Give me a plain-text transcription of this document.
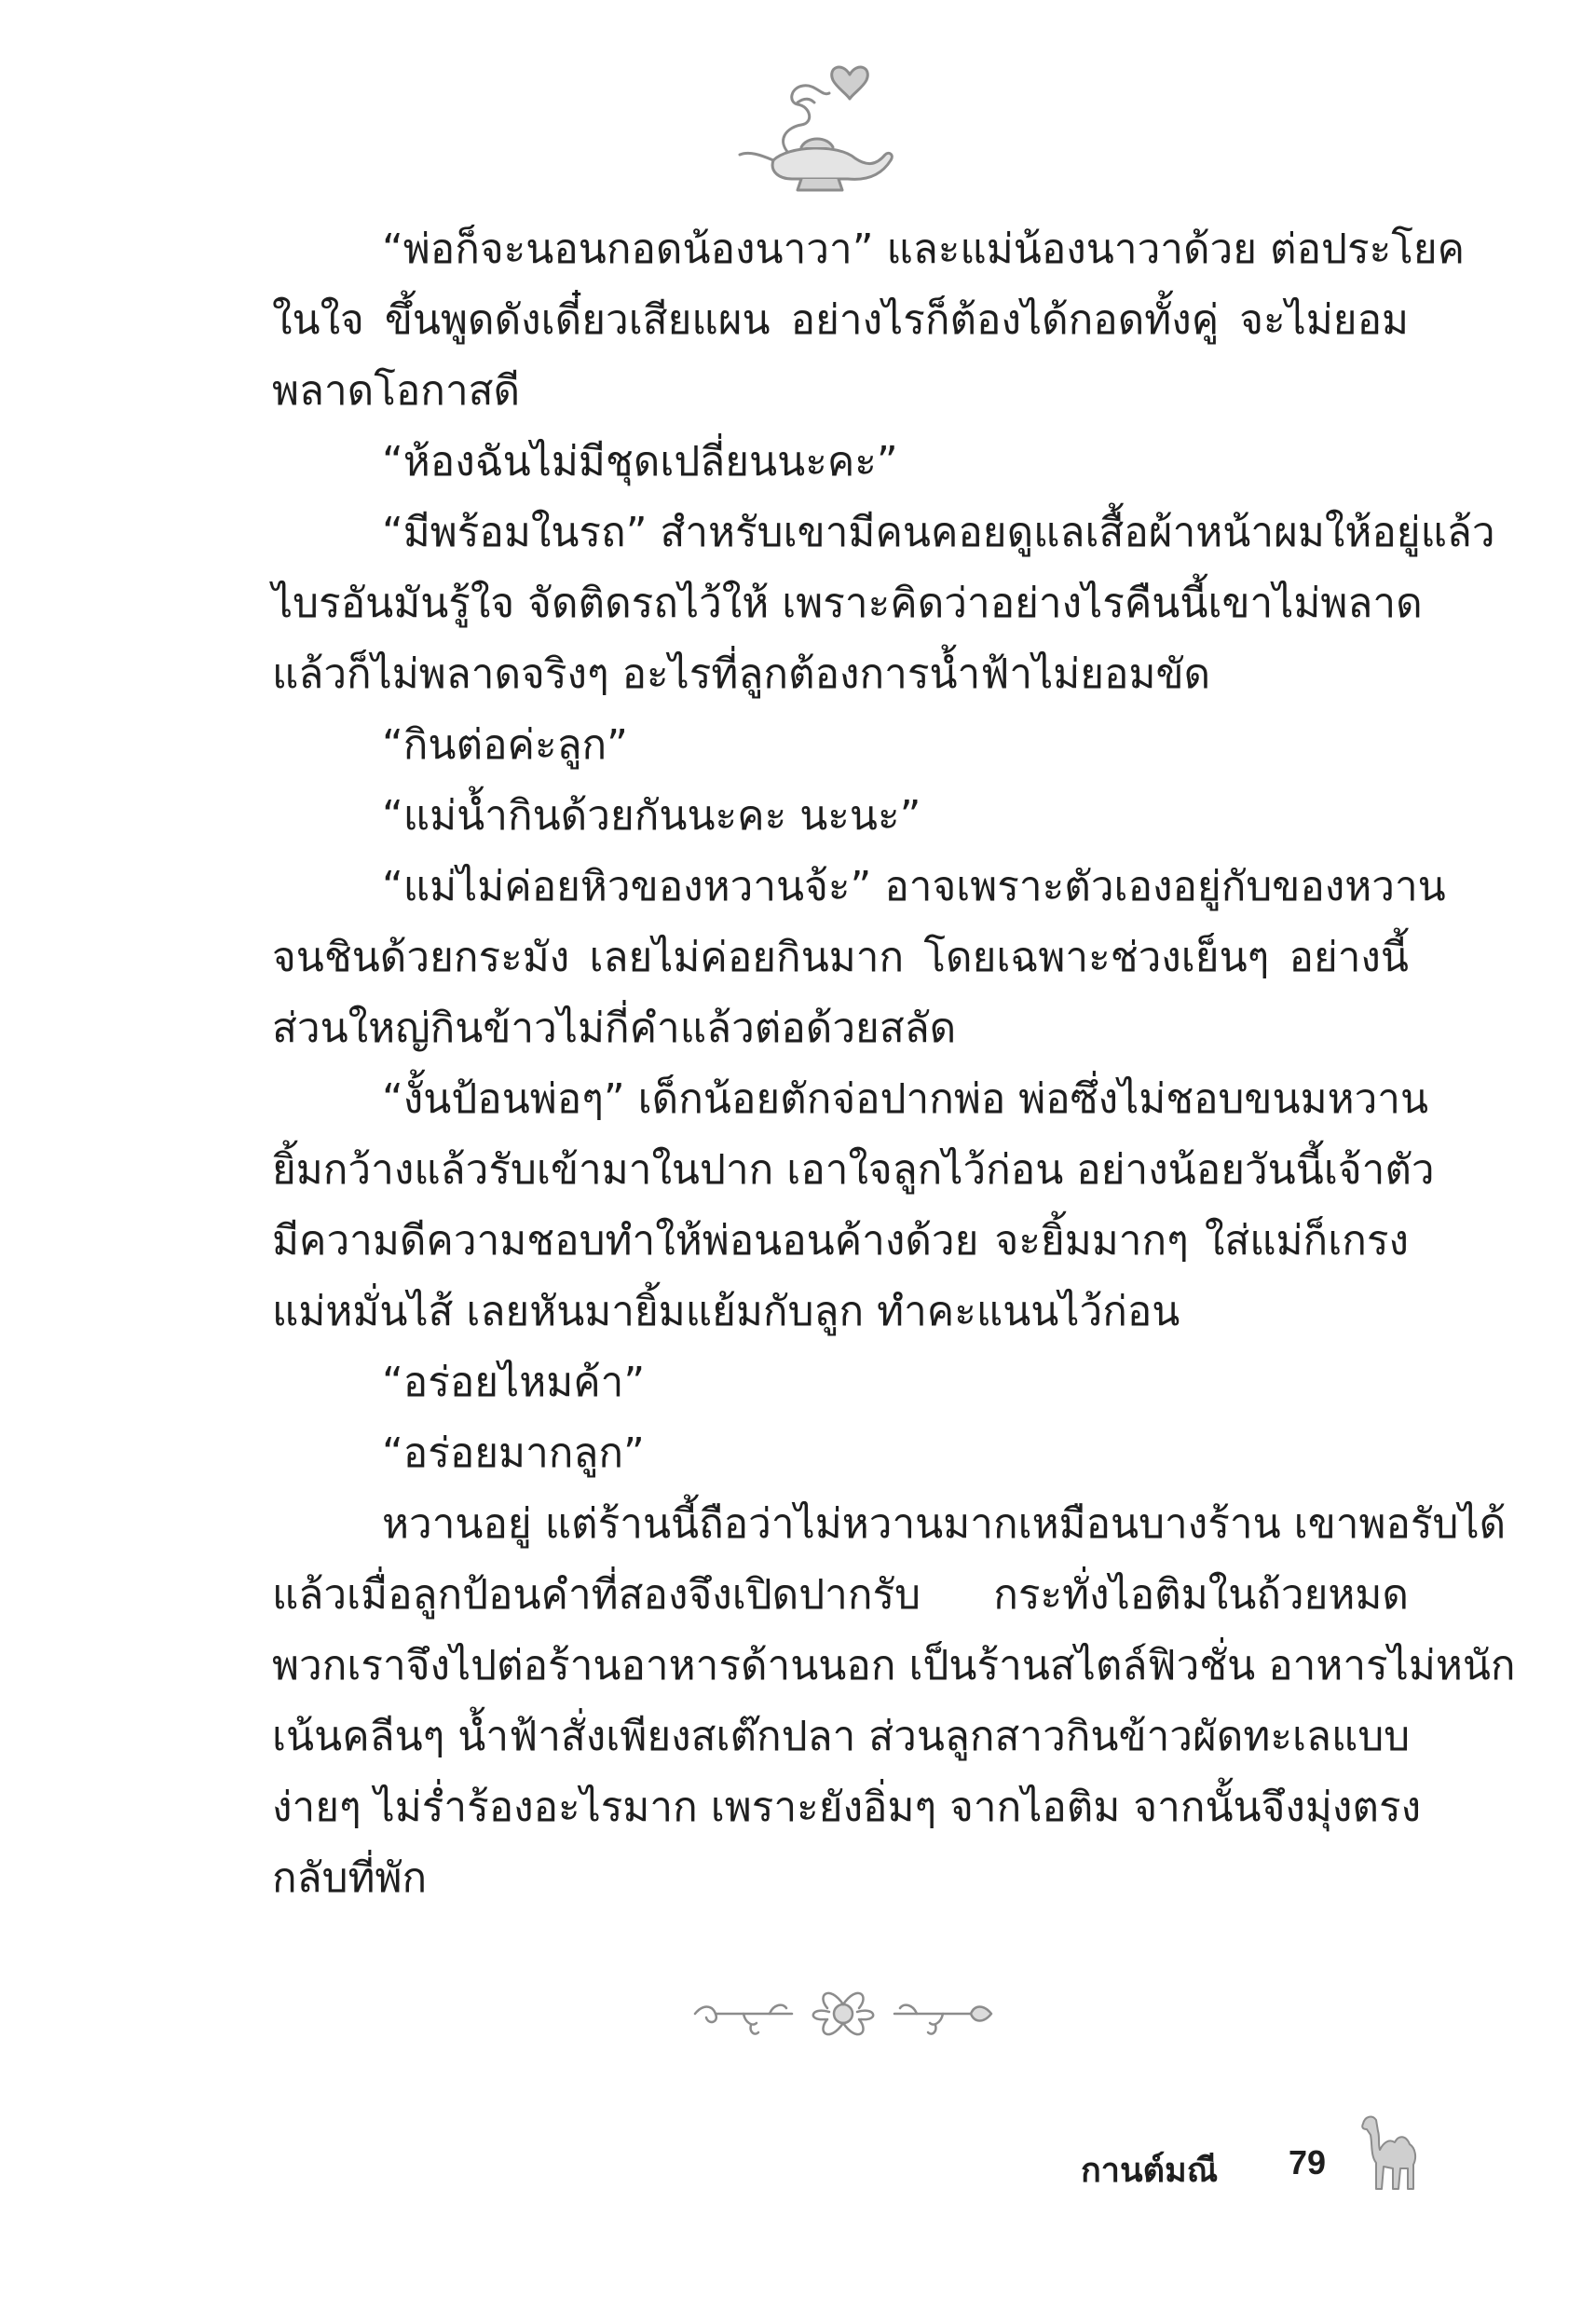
“พ่อก็จะนอนกอดน้องนาวา” และแม่น้องนาวาด้วย ต่อประโยค
ในใจ ขึ้นพูดดังเดี๋ยวเสียแผน อย่างไรก็ต้องได้กอดทั้งคู่ จะไม่ยอม
พลาดโอกาสดี
“ห้องฉันไม่มีชุดเปลี่ยนนะคะ”
“มีพร้อมในรถ” สำหรับเขามีคนคอยดูแลเสื้อผ้าหน้าผมให้อยู่แล้ว
ไบรอันมันรู้ใจ จัดติดรถไว้ให้ เพราะคิดว่าอย่างไรคืนนี้เขาไม่พลาด
แล้วก็ไม่พลาดจริงๆ อะไรที่ลูกต้องการน้ำฟ้าไม่ยอมขัด
“กินต่อค่ะลูก”
“แม่น้ำกินด้วยกันนะคะ นะนะ”
“แม่ไม่ค่อยหิวของหวานจ้ะ” อาจเพราะตัวเองอยู่กับของหวาน
จนชินด้วยกระมัง เลยไม่ค่อยกินมาก โดยเฉพาะช่วงเย็นๆ อย่างนี้
ส่วนใหญ่กินข้าวไม่กี่คำแล้วต่อด้วยสลัด
“งั้นป้อนพ่อๆ” เด็กน้อยตักจ่อปากพ่อ พ่อซึ่งไม่ชอบขนมหวาน
ยิ้มกว้างแล้วรับเข้ามาในปาก เอาใจลูกไว้ก่อน อย่างน้อยวันนี้เจ้าตัว
มีความดีความชอบทำให้พ่อนอนค้างด้วย จะยิ้มมากๆ ใส่แม่ก็เกรง
แม่หมั่นไส้ เลยหันมายิ้มแย้มกับลูก ทำคะแนนไว้ก่อน
“อร่อยไหมค้า”
“อร่อยมากลูก”
หวานอยู่ แต่ร้านนี้ถือว่าไม่หวานมากเหมือนบางร้าน เขาพอรับได้
แล้วเมื่อลูกป้อนคำที่สองจึงเปิดปากรับ กระทั่งไอติมในถ้วยหมด
พวกเราจึงไปต่อร้านอาหารด้านนอก เป็นร้านสไตล์ฟิวชั่น อาหารไม่หนัก
เน้นคลีนๆ น้ำฟ้าสั่งเพียงสเต๊กปลา ส่วนลูกสาวกินข้าวผัดทะเลแบบ
ง่ายๆ ไม่ร่ำร้องอะไรมาก เพราะยังอิ่มๆ จากไอติม จากนั้นจึงมุ่งตรง
กลับที่พัก
กานต์มณี 79
